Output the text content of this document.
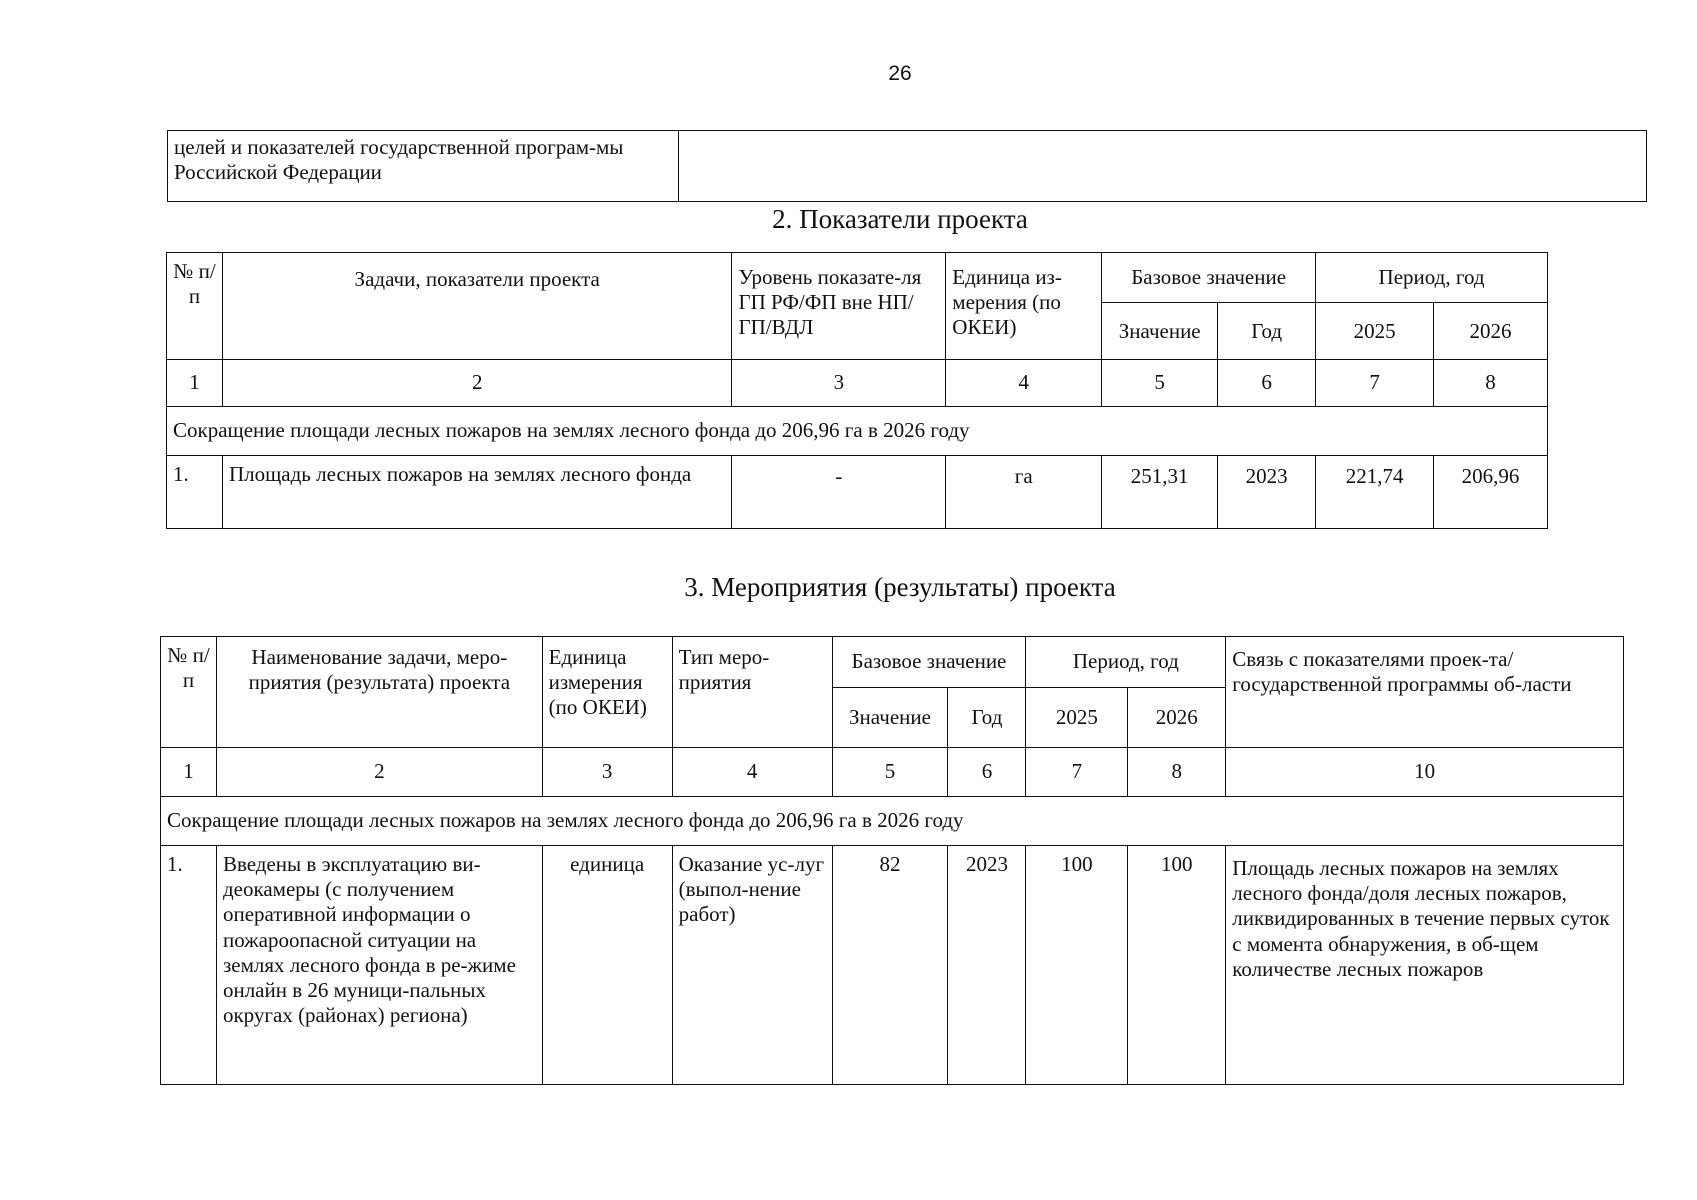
26
целей и показателей государственной програм-мы Российской Федерации	
2. Показатели проекта
№ п/п	Задачи, показатели проекта	Уровень показате-ля ГП РФ/ФП вне НП/ГП/ВДЛ	Единица из-мерения (по ОКЕИ)	Базовое значение		Период, год	
				Значение	Год	2025	2026
1	2	3	4	5	6	7	8
Сокращение площади лесных пожаров на землях лесного фонда до 206,96 га в 2026 году							
1.	Площадь лесных пожаров на землях лесного фонда	-	га	251,31	2023	221,74	206,96
3. Мероприятия (результаты) проекта
№ п/п	Наименование задачи, меро-приятия (результата) проекта	Единица измерения (по ОКЕИ)	Тип меро-приятия	Базовое значение		Период, год		Связь с показателями проек-та/государственной программы об-ласти
				Значение	Год	2025	2026	
1	2	3	4	5	6	7	8	10
Сокращение площади лесных пожаров на землях лесного фонда до 206,96 га в 2026 году								
1.	Введены в эксплуатацию ви-деокамеры (с получением оперативной информации о пожароопасной ситуации на землях лесного фонда в ре-жиме онлайн в 26 муници-пальных округах (районах) региона)	единица	Оказание ус-луг (выпол-нение работ)	82	2023	100	100	Площадь лесных пожаров на землях лесного фонда/доля лесных пожаров, ликвидированных в течение первых суток с момента обнаружения, в об-щем количестве лесных пожаров
